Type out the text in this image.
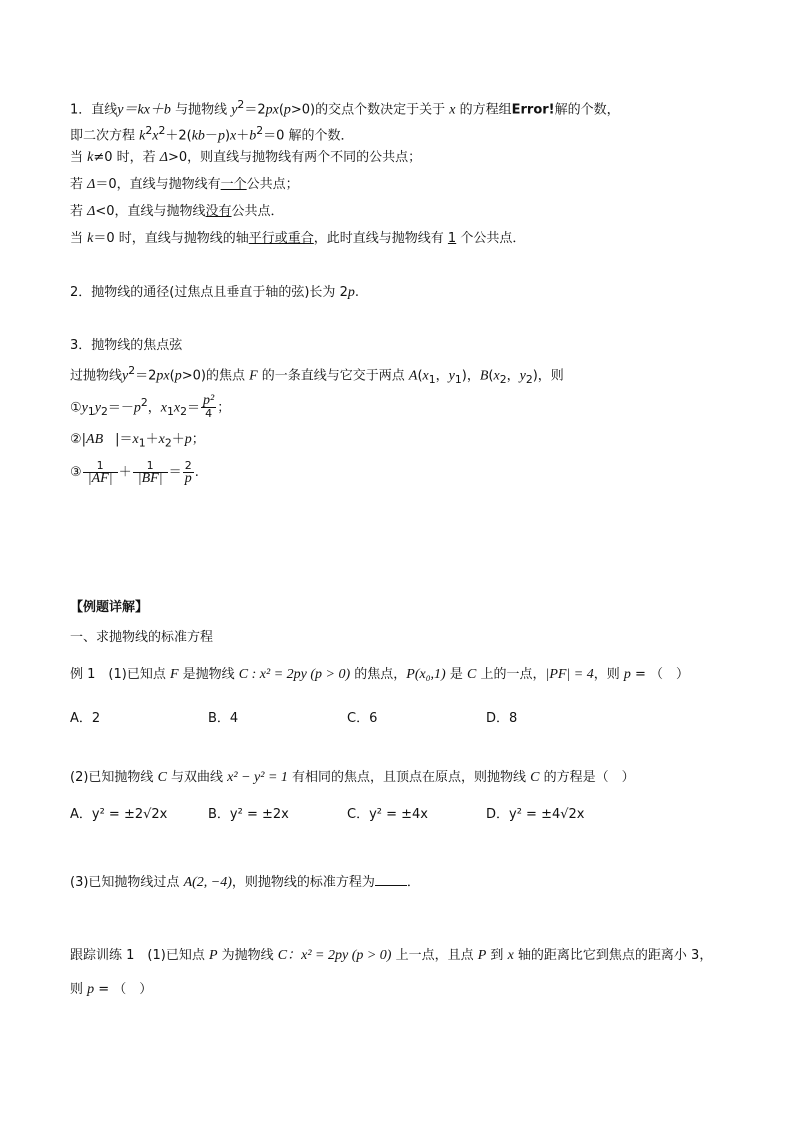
1．直线y＝kx＋b 与抛物线 $y^2=2px(p>0)$的交点个数决定于关于 x 的方程组Error!解的个数，
即二次方程 $k^2x^2+2(kb-p)x+b^2=0$ 解的个数．
当 k≠0 时，若 Δ>0，则直线与抛物线有两个不同的公共点；
若 Δ＝0，直线与抛物线有一个公共点；
若 Δ<0，直线与抛物线没有公共点．
当 k＝0 时，直线与抛物线的轴平行或重合，此时直线与抛物线有 1 个公共点．
2．抛物线的通径(过焦点且垂直于轴的弦)长为 2p.
3．抛物线的焦点弦
过抛物线$y^2=2px(p>0)$的焦点 F 的一条直线与它交于两点 $A(x_1$，$y_1$)，$B(x_2$，$y_2$)，则
$①y_1y_2=-p^2$，$x_1x_2= \frac{\text{p²}}{4}$ ；
②|AB $|=x_1+x_2+p$；
③ $\frac{1}{|AF|} + \frac{1}{|BF|} = \frac{2}{p}$ .
【例题详解】
一、求抛物线的标准方程
例 1　(1)已知点 F 是抛物线 C : x² = 2py (p > 0) 的焦点，P(x₀,1) 是 C 上的一点，|PF| = 4，则 p = （　）
A．2	B．4	C．6	D．8
(2)已知抛物线 C 与双曲线 x² − y² = 1 有相同的焦点，且顶点在原点，则抛物线 C 的方程是（　）
A．y² = ±2√2x	B．y² = ±2x	C．y² = ±4x	D．y² = ±4√2x
(3)已知抛物线过点 A(2, −4)，则抛物线的标准方程为 ．
跟踪训练 1　(1)已知点 P 为抛物线 C：x² = 2py (p > 0) 上一点，且点 P 到 x 轴的距离比它到焦点的距离小 3，
则 p = （　）
